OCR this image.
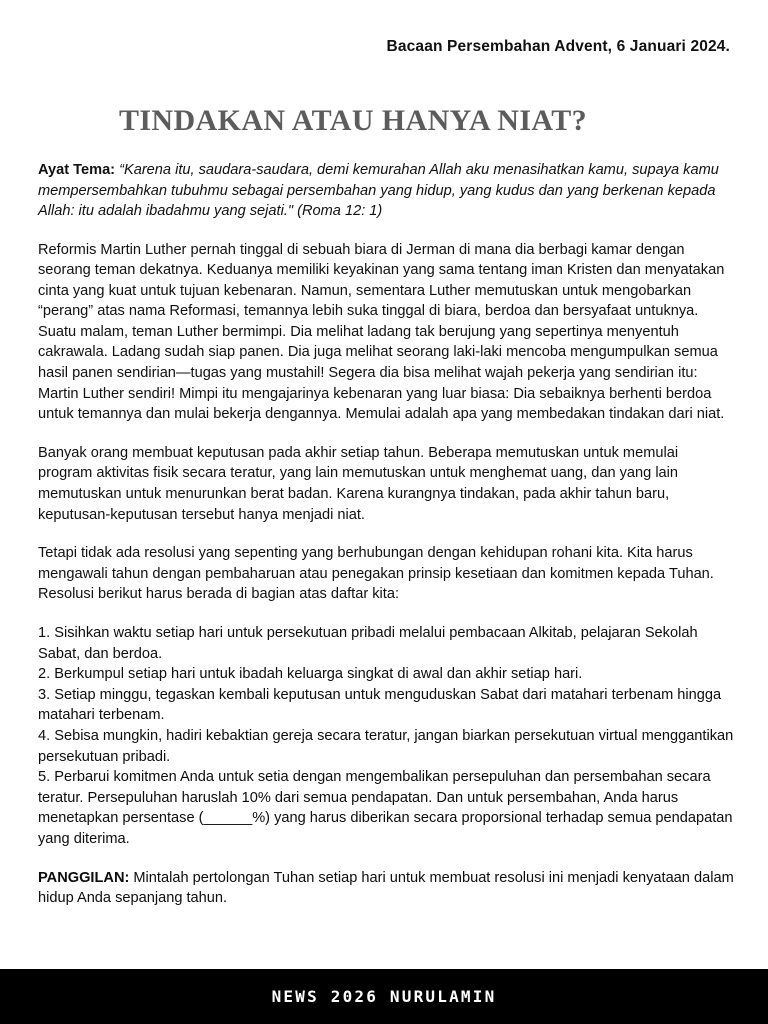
Bacaan Persembahan Advent, 6 Januari 2024.
TINDAKAN ATAU HANYA NIAT?

Ayat Tema: “Karena itu, saudara-saudara, demi kemurahan Allah aku menasihatkan kamu, supaya kamu mempersembahkan tubuhmu sebagai persembahan yang hidup, yang kudus dan yang berkenan kepada Allah: itu adalah ibadahmu yang sejati." (Roma 12: 1)

Reformis Martin Luther pernah tinggal di sebuah biara di Jerman di mana dia berbagi kamar dengan seorang teman dekatnya. Keduanya memiliki keyakinan yang sama tentang iman Kristen dan menyatakan cinta yang kuat untuk tujuan kebenaran. Namun, sementara Luther memutuskan untuk mengobarkan “perang” atas nama Reformasi, temannya lebih suka tinggal di biara, berdoa dan bersyafaat untuknya. Suatu malam, teman Luther bermimpi. Dia melihat ladang tak berujung yang sepertinya menyentuh cakrawala. Ladang sudah siap panen. Dia juga melihat seorang laki-laki mencoba mengumpulkan semua hasil panen sendirian—tugas yang mustahil! Segera dia bisa melihat wajah pekerja yang sendirian itu: Martin Luther sendiri! Mimpi itu mengajarinya kebenaran yang luar biasa: Dia sebaiknya berhenti berdoa untuk temannya dan mulai bekerja dengannya. Memulai adalah apa yang membedakan tindakan dari niat.

Banyak orang membuat keputusan pada akhir setiap tahun. Beberapa memutuskan untuk memulai program aktivitas fisik secara teratur, yang lain memutuskan untuk menghemat uang, dan yang lain memutuskan untuk menurunkan berat badan. Karena kurangnya tindakan, pada akhir tahun baru, keputusan-keputusan tersebut hanya menjadi niat.

Tetapi tidak ada resolusi yang sepenting yang berhubungan dengan kehidupan rohani kita. Kita harus mengawali tahun dengan pembaharuan atau penegakan prinsip kesetiaan dan komitmen kepada Tuhan. Resolusi berikut harus berada di bagian atas daftar kita:

1. Sisihkan waktu setiap hari untuk persekutuan pribadi melalui pembacaan Alkitab, pelajaran Sekolah Sabat, dan berdoa.

2. Berkumpul setiap hari untuk ibadah keluarga singkat di awal dan akhir setiap hari.

3. Setiap minggu, tegaskan kembali keputusan untuk menguduskan Sabat dari matahari terbenam hingga matahari terbenam.

4. Sebisa mungkin, hadiri kebaktian gereja secara teratur, jangan biarkan persekutuan virtual menggantikan persekutuan pribadi.

5. Perbarui komitmen Anda untuk setia dengan mengembalikan persepuluhan dan persembahan secara teratur. Persepuluhan haruslah 10% dari semua pendapatan. Dan untuk persembahan, Anda harus menetapkan persentase (______%) yang harus diberikan secara proporsional terhadap semua pendapatan yang diterima.

PANGGILAN: Mintalah pertolongan Tuhan setiap hari untuk membuat resolusi ini menjadi kenyataan dalam hidup Anda sepanjang tahun.

NEWS 2026 NURULAMIN
